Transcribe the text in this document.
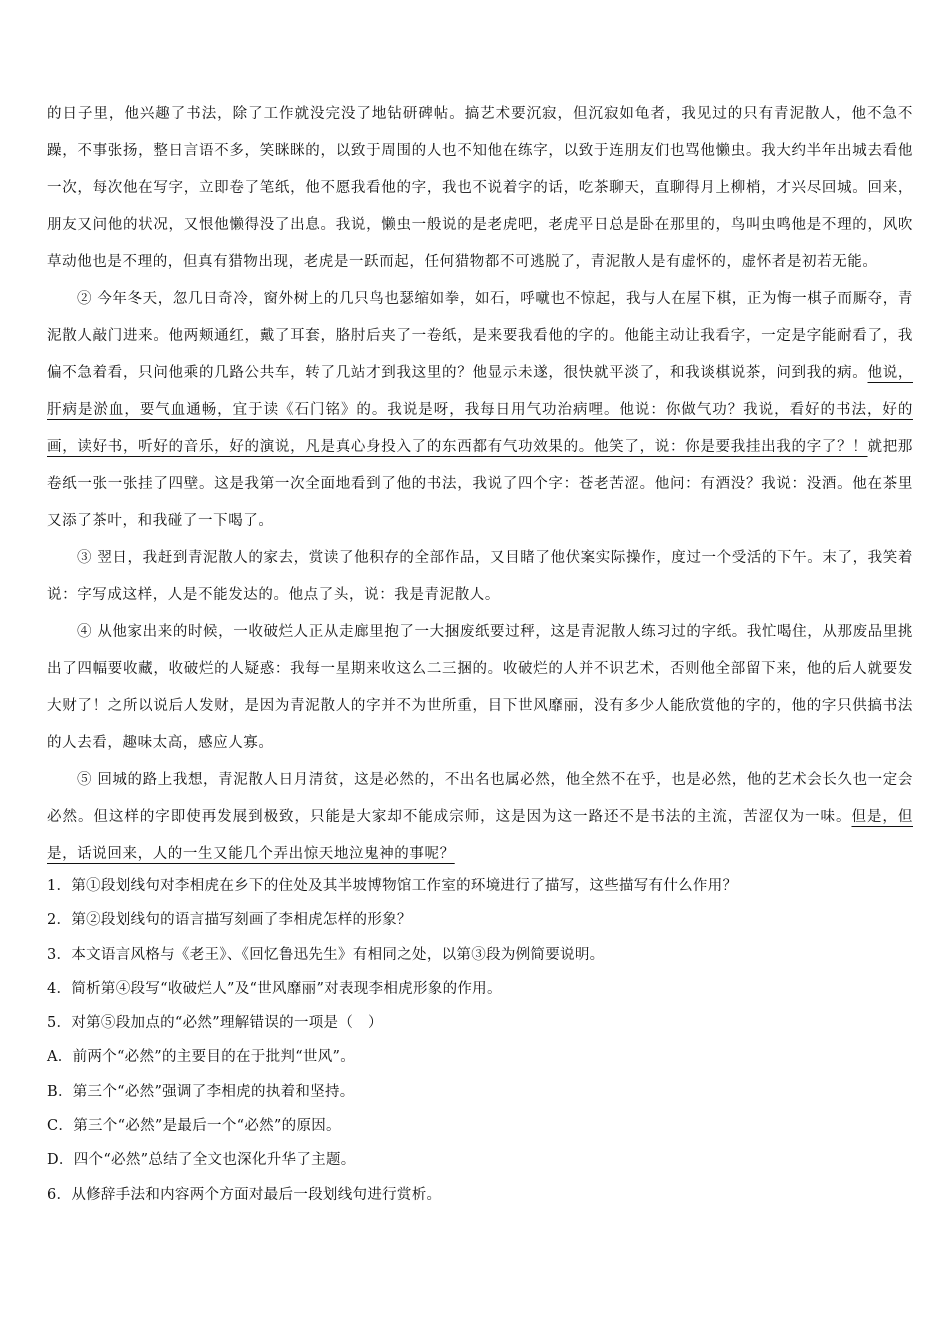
的日子里，他兴趣了书法，除了工作就没完没了地钻研碑帖。搞艺术要沉寂，但沉寂如龟者，我见过的只有青泥散人，他不急不躁，不事张扬，整日言语不多，笑眯眯的，以致于周围的人也不知他在练字，以致于连朋友们也骂他懒虫。我大约半年出城去看他一次，每次他在写字，立即卷了笔纸，他不愿我看他的字，我也不说着字的话，吃茶聊天，直聊得月上柳梢，才兴尽回城。回来，朋友又问他的状况，又恨他懒得没了出息。我说，懒虫一般说的是老虎吧，老虎平日总是卧在那里的，鸟叫虫鸣他是不理的，风吹草动他也是不理的，但真有猎物出现，老虎是一跃而起，任何猎物都不可逃脱了，青泥散人是有虚怀的，虚怀者是初若无能。

② 今年冬天，忽几日奇冷，窗外树上的几只鸟也瑟缩如拳，如石，呼噈也不惊起，我与人在屋下棋，正为悔一棋子而厮夺，青泥散人敲门进来。他两颊通红，戴了耳套，胳肘后夹了一卷纸，是来要我看他的字的。他能主动让我看字，一定是字能耐看了，我偏不急着看，只问他乘的几路公共车，转了几站才到我这里的？他显示未遂，很快就平淡了，和我谈棋说茶，问到我的病。他说，肝病是淤血，要气血通畅，宜于读《石门铭》的。我说是呀，我每日用气功治病哩。他说：你做气功？我说，看好的书法，好的画，读好书，听好的音乐，好的演说，凡是真心身投入了的东西都有气功效果的。他笑了，说：你是要我挂出我的字了？！就把那卷纸一张一张挂了四壁。这是我第一次全面地看到了他的书法，我说了四个字：苍老苦涩。他问：有酒没？我说：没酒。他在茶里又添了茶叶，和我碰了一下喝了。

③ 翌日，我赶到青泥散人的家去，赏读了他积存的全部作品，又目睹了他伏案实际操作，度过一个受活的下午。末了，我笑着说：字写成这样，人是不能发达的。他点了头，说：我是青泥散人。

④ 从他家出来的时候，一收破烂人正从走廊里抱了一大捆废纸要过秤，这是青泥散人练习过的字纸。我忙喝住，从那废品里挑出了四幅要收藏，收破烂的人疑惑：我每一星期来收这么二三捆的。收破烂的人并不识艺术，否则他全部留下来，他的后人就要发大财了！之所以说后人发财，是因为青泥散人的字并不为世所重，目下世风靡丽，没有多少人能欣赏他的字的，他的字只供搞书法的人去看，趣味太高，感应人寡。

⑤ 回城的路上我想，青泥散人日月清贫，这是必然的，不出名也属必然，他全然不在乎，也是必然，他的艺术会长久也一定会必然。但这样的字即使再发展到极致，只能是大家却不能成宗师，这是因为这一路还不是书法的主流，苦涩仅为一味。但是，但是，话说回来，人的一生又能几个弄出惊天地泣鬼神的事呢？

1．第①段划线句对李相虎在乡下的住处及其半坡博物馆工作室的环境进行了描写，这些描写有什么作用？

2．第②段划线句的语言描写刻画了李相虎怎样的形象？

3．本文语言风格与《老王》、《回忆鲁迅先生》有相同之处，以第③段为例简要说明。

4．简析第④段写“收破烂人”及“世风靡丽”对表现李相虎形象的作用。

5．对第⑤段加点的“必然”理解错误的一项是（　）

A．前两个“必然”的主要目的在于批判“世风”。

B．第三个“必然”强调了李相虎的执着和坚持。

C．第三个“必然”是最后一个“必然”的原因。

D．四个“必然”总结了全文也深化升华了主题。

6．从修辞手法和内容两个方面对最后一段划线句进行赏析。
